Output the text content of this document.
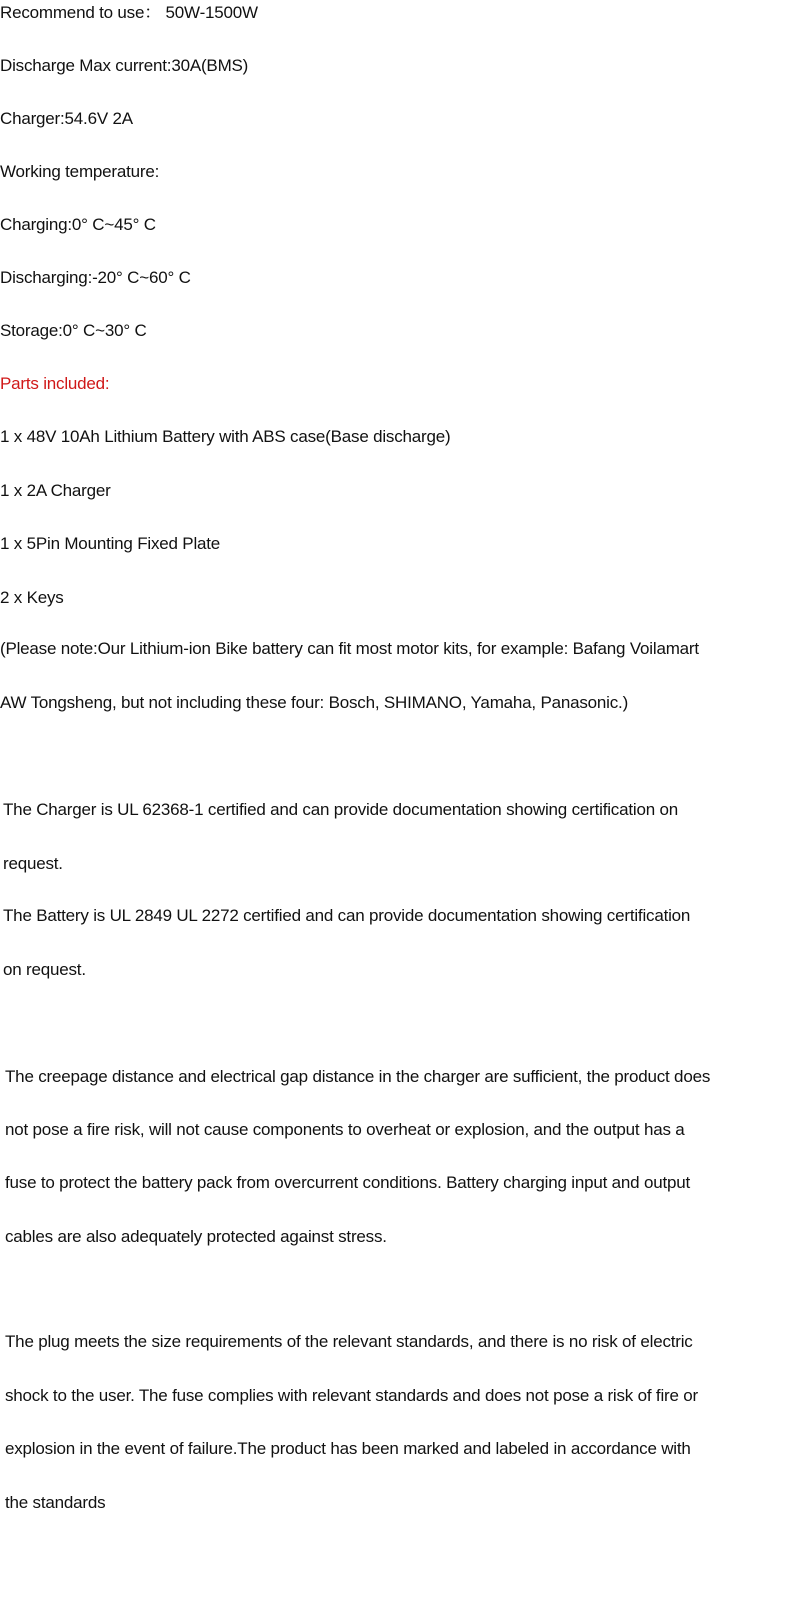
Recommend to use： 50W-1500W

Discharge Max current:30A(BMS)

Charger:54.6V 2A

Working temperature:

Charging:0° C~45° C

Discharging:-20° C~60° C

Storage:0° C~30° C

Parts included:

1 x 48V 10Ah Lithium Battery with ABS case(Base discharge)

1 x 2A Charger

1 x 5Pin Mounting Fixed Plate

2 x Keys

(Please note:Our Lithium-ion Bike battery can fit most motor kits, for example: Bafang Voilamart

AW Tongsheng, but not including these four: Bosch, SHIMANO, Yamaha, Panasonic.)

The Charger is UL 62368-1 certified and can provide documentation showing certification on

request.

The Battery is UL 2849 UL 2272 certified and can provide documentation showing certification

on request.

The creepage distance and electrical gap distance in the charger are sufficient, the product does

not pose a fire risk, will not cause components to overheat or explosion, and the output has a

fuse to protect the battery pack from overcurrent conditions. Battery charging input and output

cables are also adequately protected against stress.

The plug meets the size requirements of the relevant standards, and there is no risk of electric

shock to the user. The fuse complies with relevant standards and does not pose a risk of fire or

explosion in the event of failure.The product has been marked and labeled in accordance with

the standards
